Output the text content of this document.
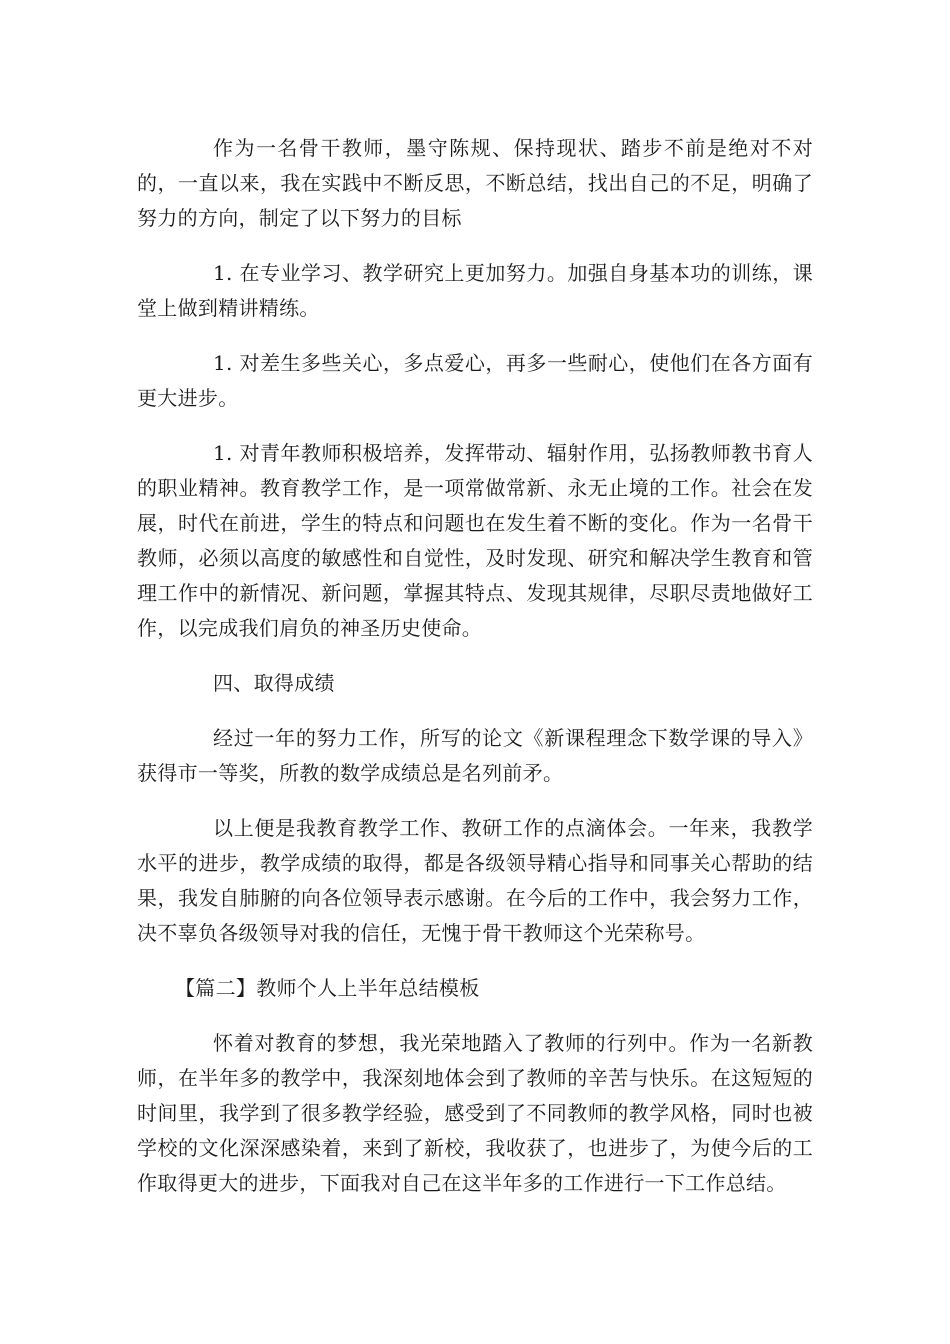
作为一名骨干教师，墨守陈规、保持现状、踏步不前是绝对不对的，一直以来，我在实践中不断反思，不断总结，找出自己的不足，明确了努力的方向，制定了以下努力的目标

1. 在专业学习、教学研究上更加努力。加强自身基本功的训练，课堂上做到精讲精练。

1. 对差生多些关心，多点爱心，再多一些耐心，使他们在各方面有更大进步。

1. 对青年教师积极培养，发挥带动、辐射作用，弘扬教师教书育人的职业精神。教育教学工作，是一项常做常新、永无止境的工作。社会在发展，时代在前进，学生的特点和问题也在发生着不断的变化。作为一名骨干教师，必须以高度的敏感性和自觉性，及时发现、研究和解决学生教育和管理工作中的新情况、新问题，掌握其特点、发现其规律，尽职尽责地做好工作，以完成我们肩负的神圣历史使命。

四、取得成绩

经过一年的努力工作，所写的论文《新课程理念下数学课的导入》获得市一等奖，所教的数学成绩总是名列前矛。

以上便是我教育教学工作、教研工作的点滴体会。一年来，我教学水平的进步，教学成绩的取得，都是各级领导精心指导和同事关心帮助的结果，我发自肺腑的向各位领导表示感谢。在今后的工作中，我会努力工作，决不辜负各级领导对我的信任，无愧于骨干教师这个光荣称号。

【篇二】教师个人上半年总结模板

怀着对教育的梦想，我光荣地踏入了教师的行列中。作为一名新教师，在半年多的教学中，我深刻地体会到了教师的辛苦与快乐。在这短短的时间里，我学到了很多教学经验，感受到了不同教师的教学风格，同时也被学校的文化深深感染着，来到了新校，我收获了，也进步了，为使今后的工作取得更大的进步，下面我对自己在这半年多的工作进行一下工作总结。
